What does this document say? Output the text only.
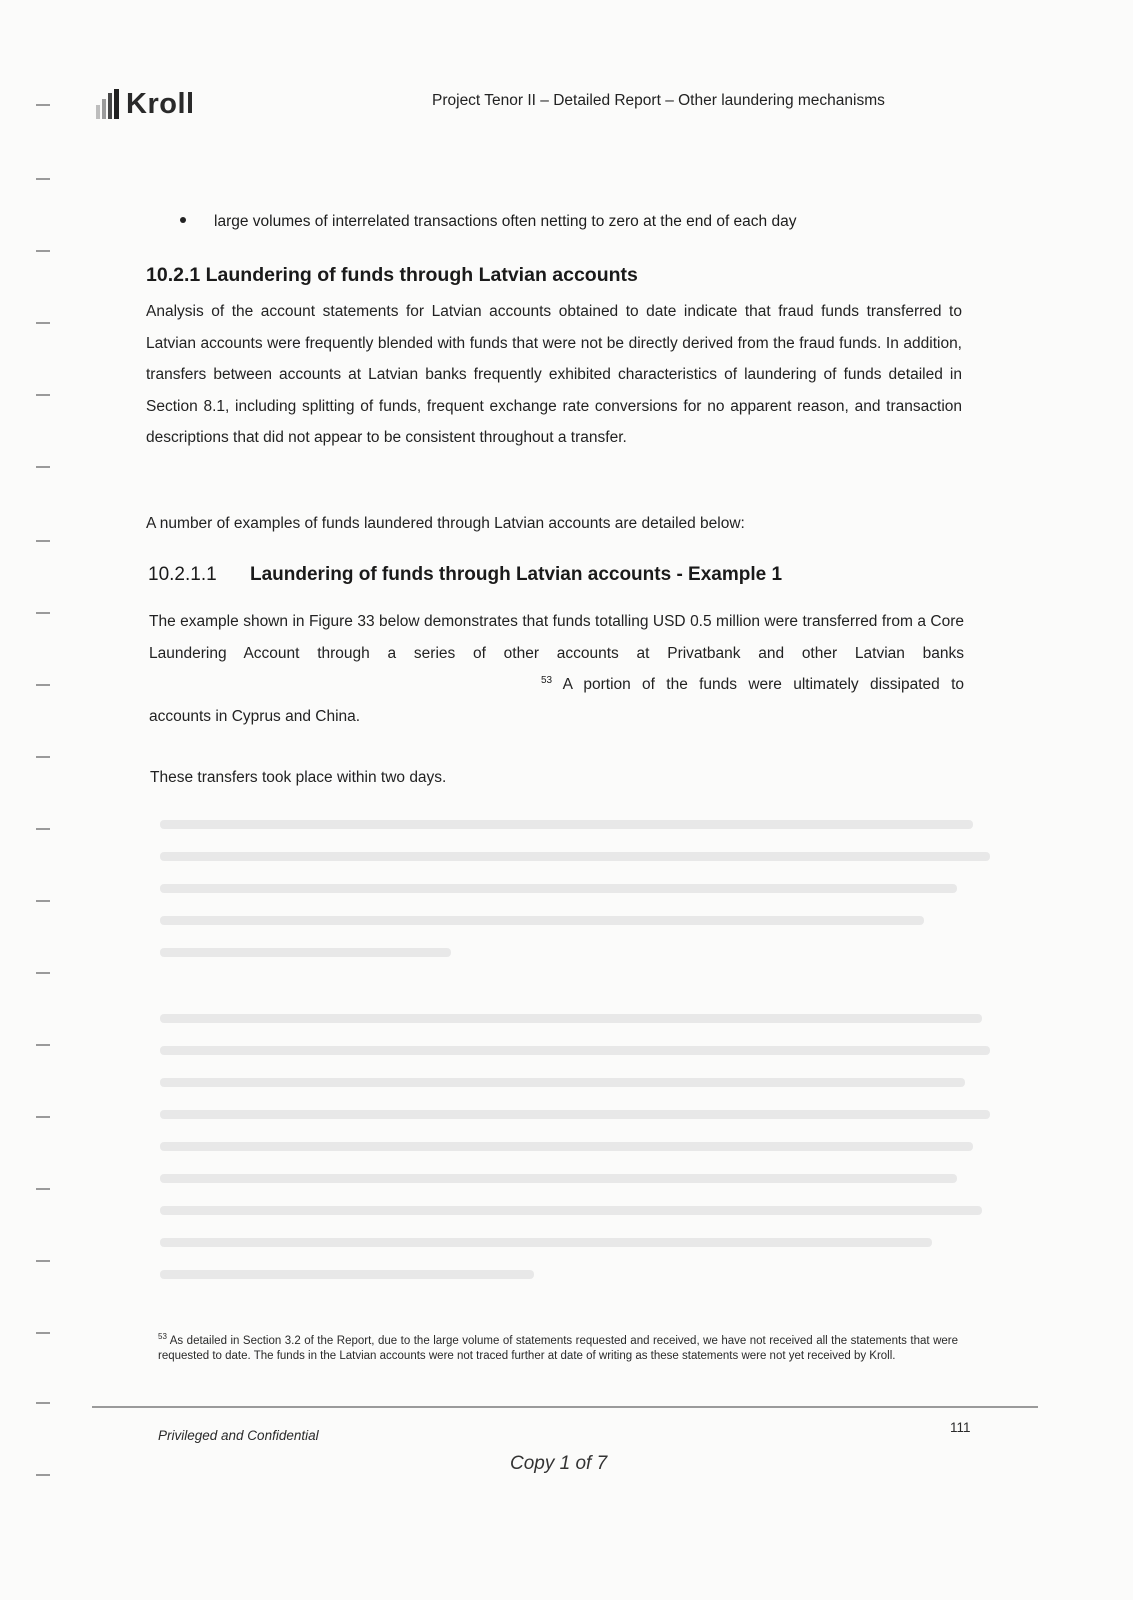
Kroll	Project Tenor II – Detailed Report – Other laundering mechanisms
large volumes of interrelated transactions often netting to zero at the end of each day
10.2.1 Laundering of funds through Latvian accounts
Analysis of the account statements for Latvian accounts obtained to date indicate that fraud funds transferred to Latvian accounts were frequently blended with funds that were not be directly derived from the fraud funds. In addition, transfers between accounts at Latvian banks frequently exhibited characteristics of laundering of funds detailed in Section 8.1, including splitting of funds, frequent exchange rate conversions for no apparent reason, and transaction descriptions that did not appear to be consistent throughout a transfer.
A number of examples of funds laundered through Latvian accounts are detailed below:
10.2.1.1 Laundering of funds through Latvian accounts - Example 1
The example shown in Figure 33 below demonstrates that funds totalling USD 0.5 million were transferred from a Core Laundering Account through a series of other accounts at Privatbank and other Latvian banks$^{53}$ A portion of the funds were ultimately dissipated to accounts in Cyprus and China.
These transfers took place within two days.
$^{53}$ As detailed in Section 3.2 of the Report, due to the large volume of statements requested and received, we have not received all the statements that were requested to date. The funds in the Latvian accounts were not traced further at date of writing as these statements were not yet received by Kroll.
Privileged and Confidential
111
Copy 1 of 7
